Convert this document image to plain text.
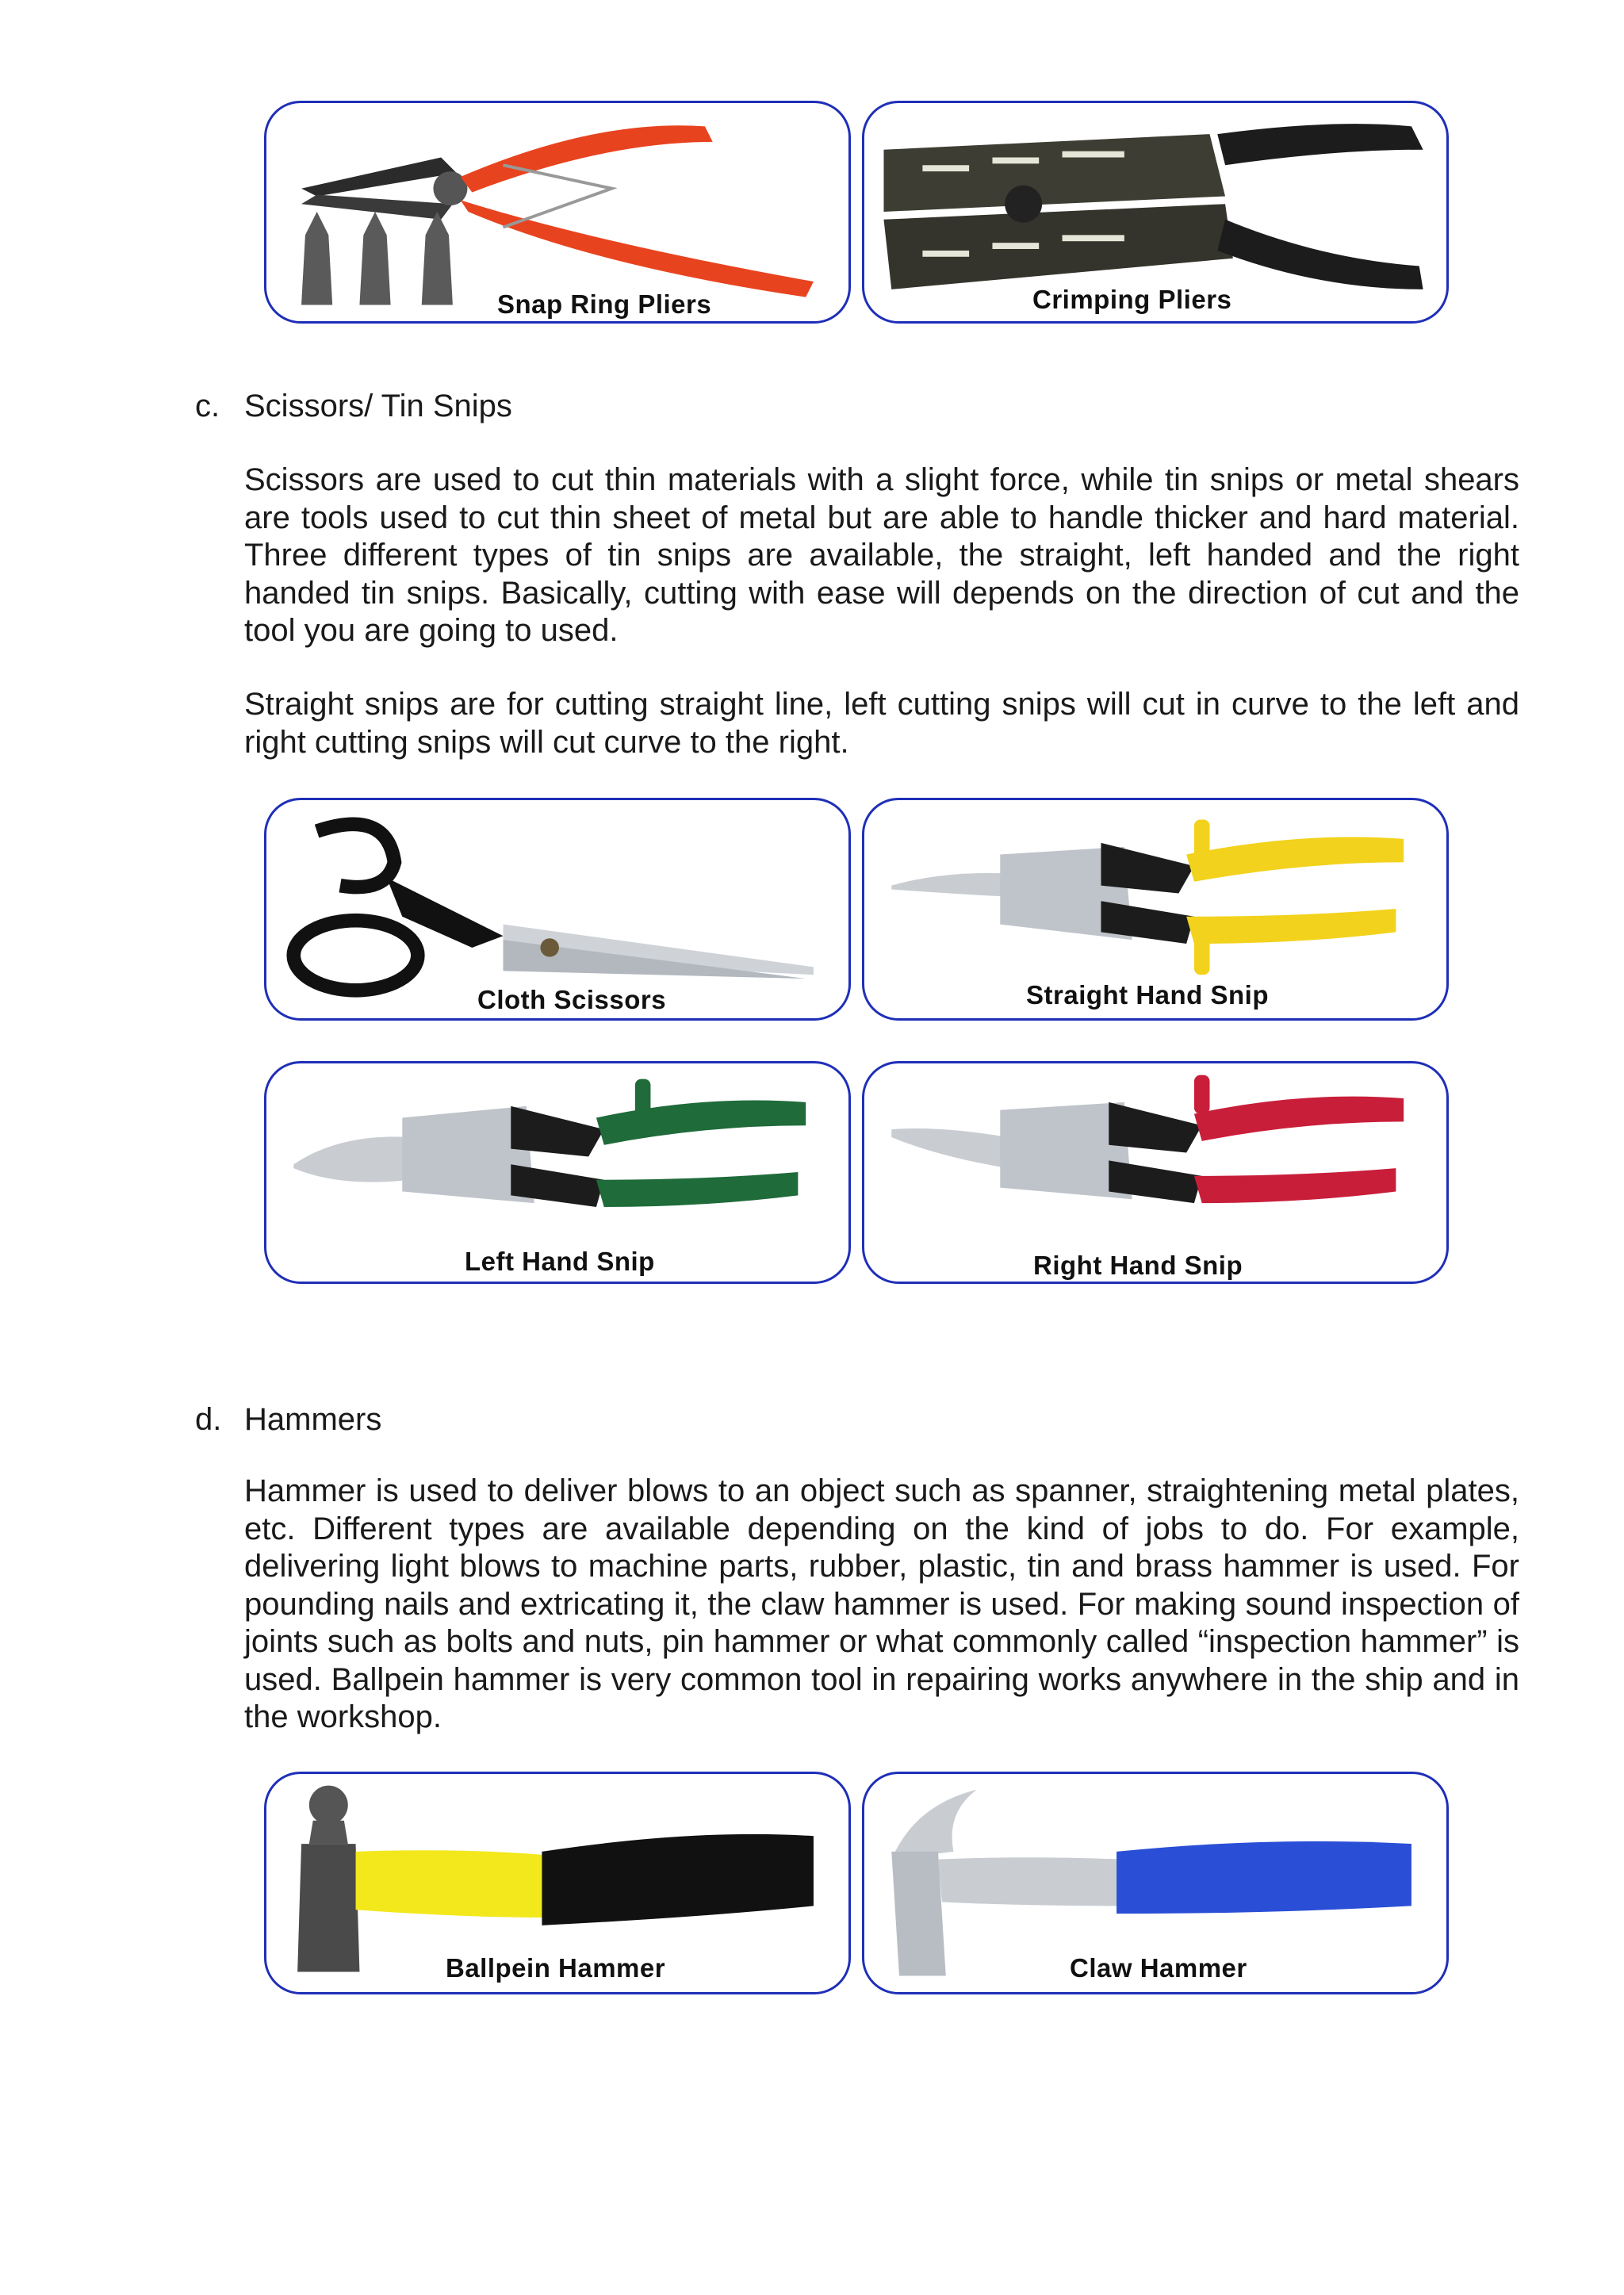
Snap Ring Pliers	Crimping Pliers
c. Scissors/ Tin Snips

Scissors are used to cut thin materials with a slight force, while tin snips or metal shears are tools used to cut thin sheet of metal but are able to handle thicker and hard material. Three different types of tin snips are available, the straight, left handed and the right handed tin snips. Basically, cutting with ease will depends on the direction of cut and the tool you are going to used.

Straight snips are for cutting straight line, left cutting snips will cut in curve to the left and right cutting snips will cut curve to the right.

Cloth Scissors	Straight Hand Snip
Left Hand Snip	Right Hand Snip
d. Hammers

Hammer is used to deliver blows to an object such as spanner, straightening metal plates, etc. Different types are available depending on the kind of jobs to do. For example, delivering light blows to machine parts, rubber, plastic, tin and brass hammer is used. For pounding nails and extricating it, the claw hammer is used. For making sound inspection of joints such as bolts and nuts, pin hammer or what commonly called “inspection hammer” is used. Ballpein hammer is very common tool in repairing works anywhere in the ship and in the workshop.

Ballpein Hammer	Claw Hammer
